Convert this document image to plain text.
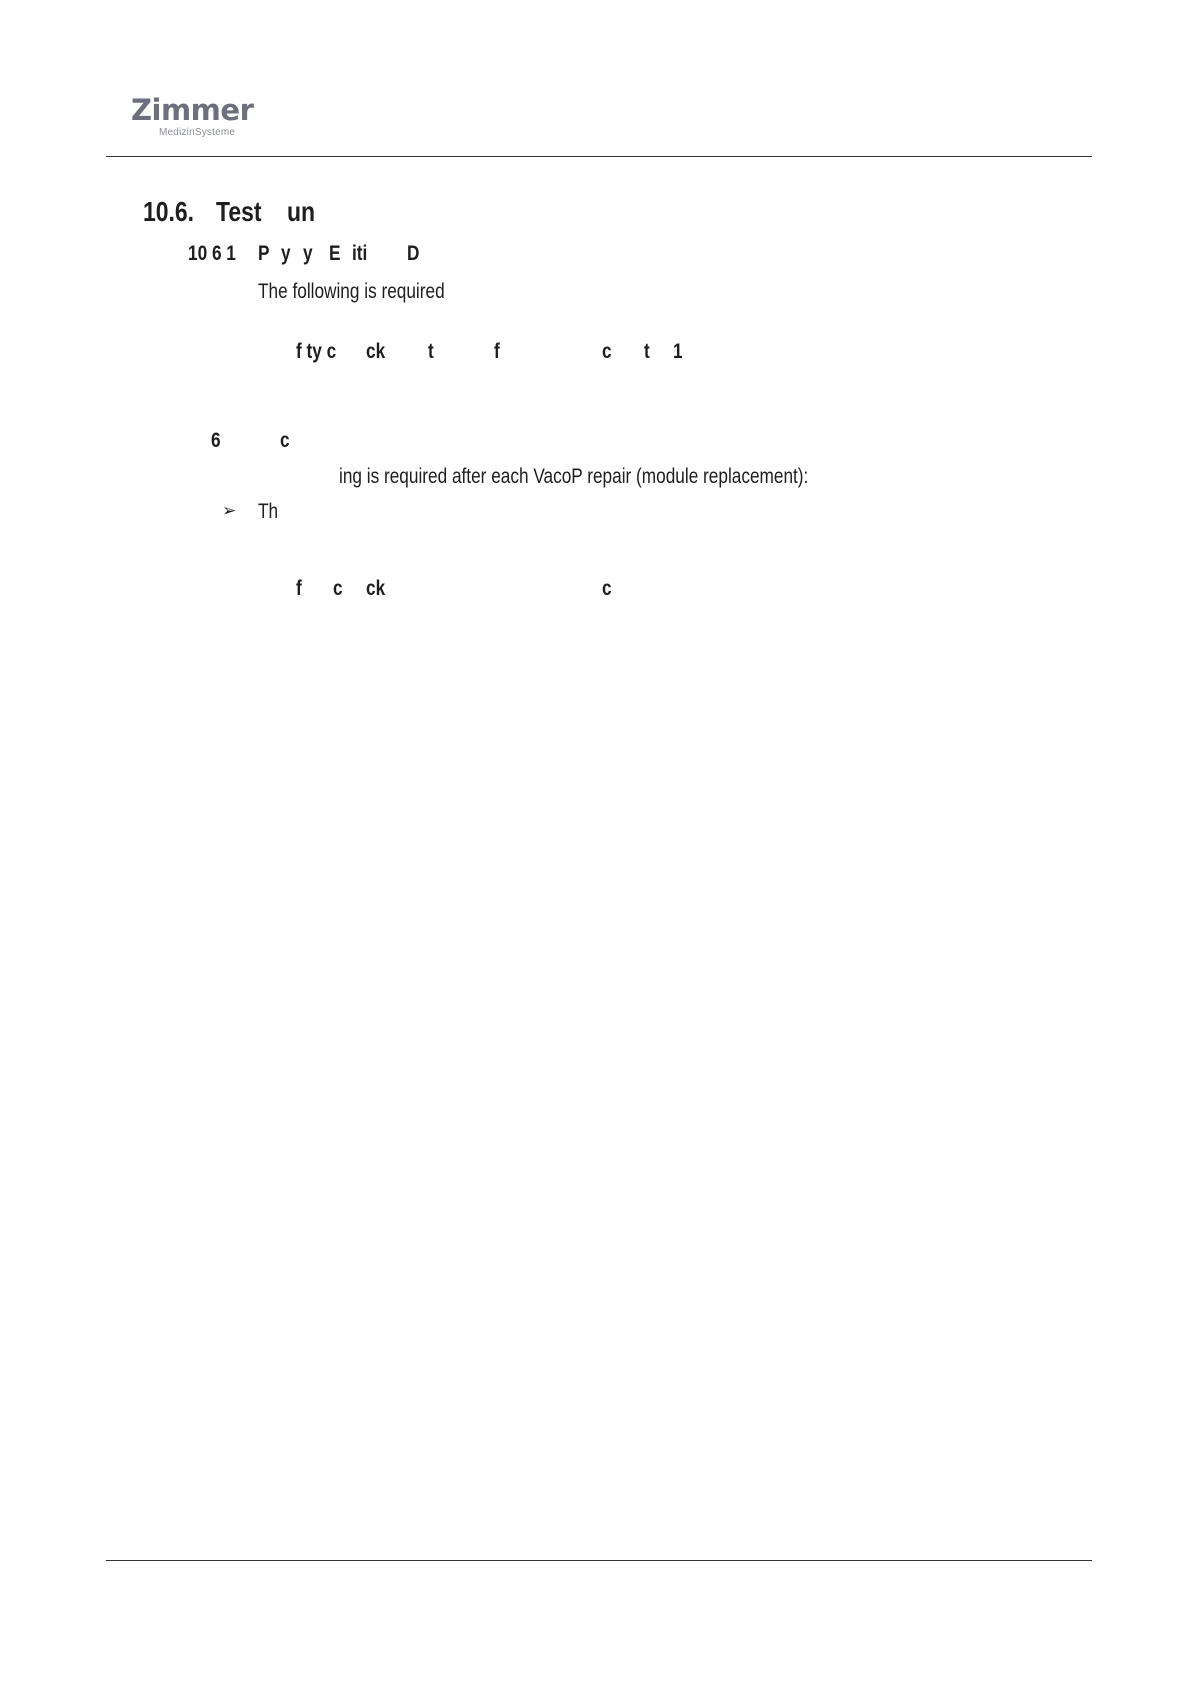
Zimmer
MedizinSysteme
10.6. Test un
10 6 1 P y y E iti D
The following is required
f ty c ck t	f	c t 1
6	c
ing is required after each VacoP repair (module replacement):
➢ Th
f c ck	c
